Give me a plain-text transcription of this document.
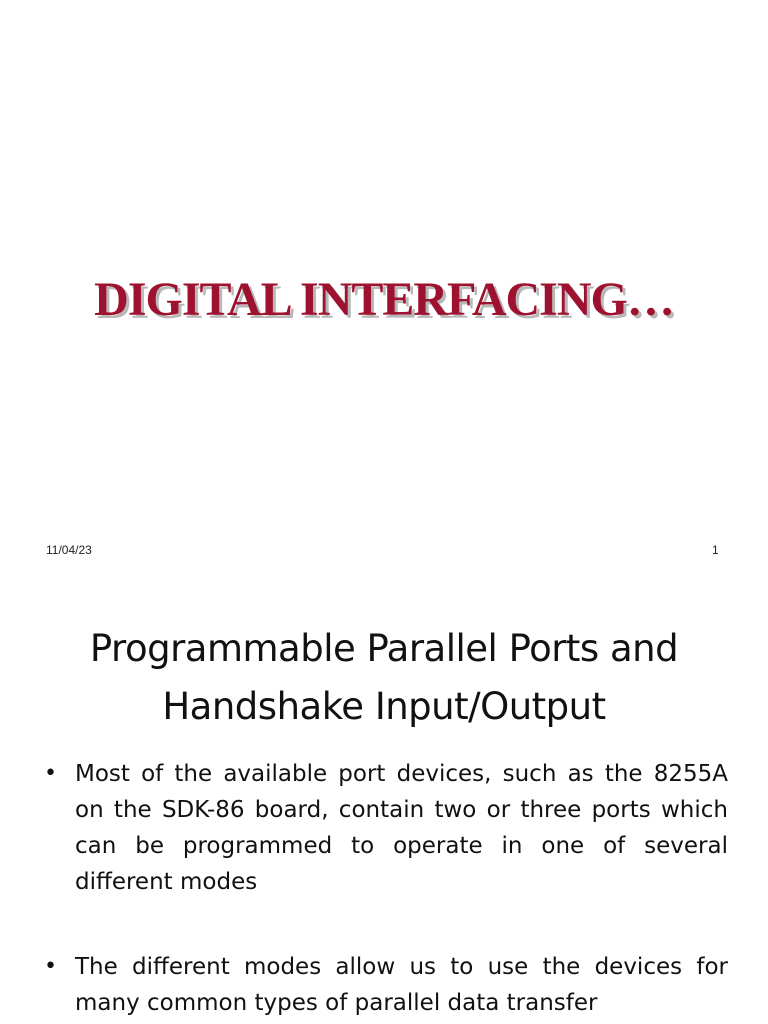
DIGITAL INTERFACING…
11/04/23	1
Programmable Parallel Ports and
Handshake Input/Output
• Most of the available port devices, such as the 8255A on the SDK-86 board, contain two or three ports which can be programmed to operate in one of several different modes
• The different modes allow us to use the devices for many common types of parallel data transfer
